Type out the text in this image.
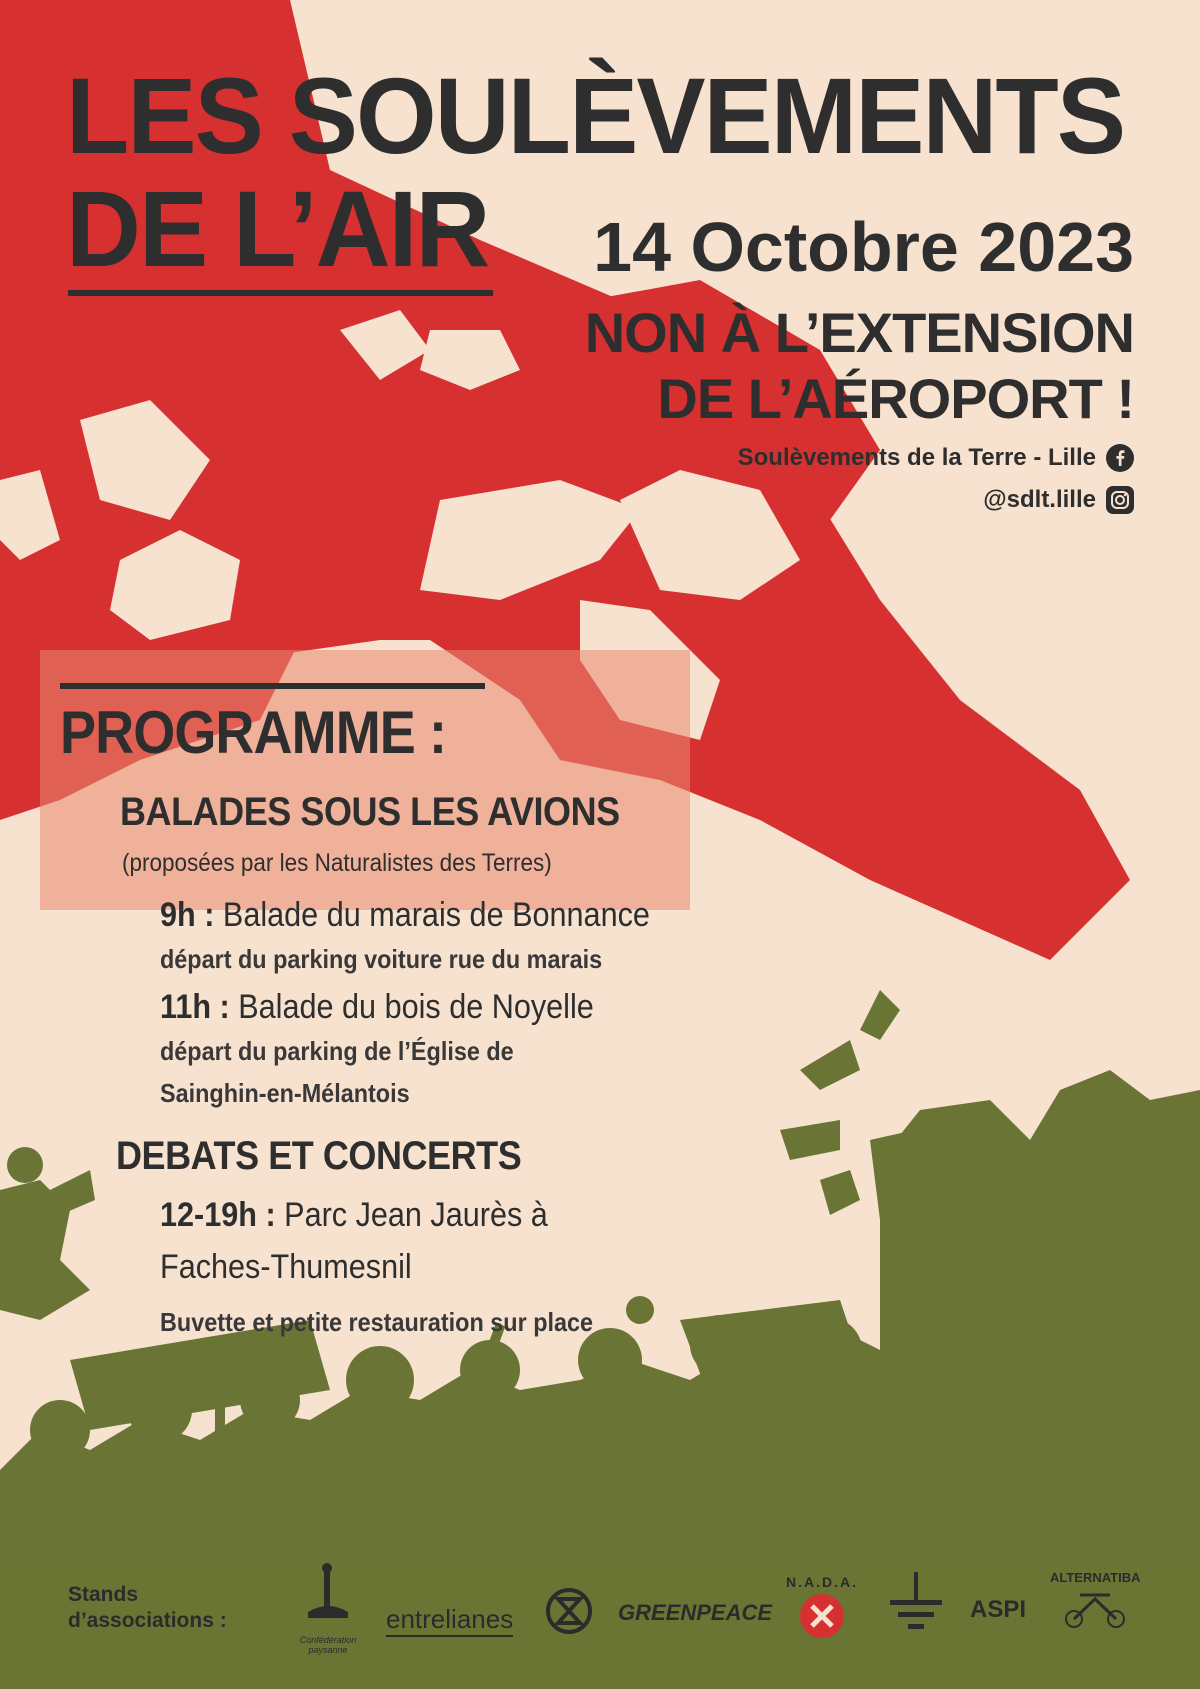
LES SOULÈVEMENTS
DE L’AIR 14 Octobre 2023
NON À L’EXTENSION
DE L’AÉROPORT !
Soulèvements de la Terre - Lille
@sdlt.lille
PROGRAMME :
BALADES SOUS LES AVIONS
(proposées par les Naturalistes des Terres)
9h : Balade du marais de Bonnance
départ du parking voiture rue du marais
11h : Balade du bois de Noyelle
départ du parking de l’Église de
Sainghin-en-Mélantois
DEBATS ET CONCERTS
12-19h : Parc Jean Jaurès à
Faches-Thumesnil
Buvette et petite restauration sur place
Stands
d’associations :
Confédération paysanne
entrelianes	GREENPEACE
N.A.D.A.
ASPI
ALTERNATIBA
